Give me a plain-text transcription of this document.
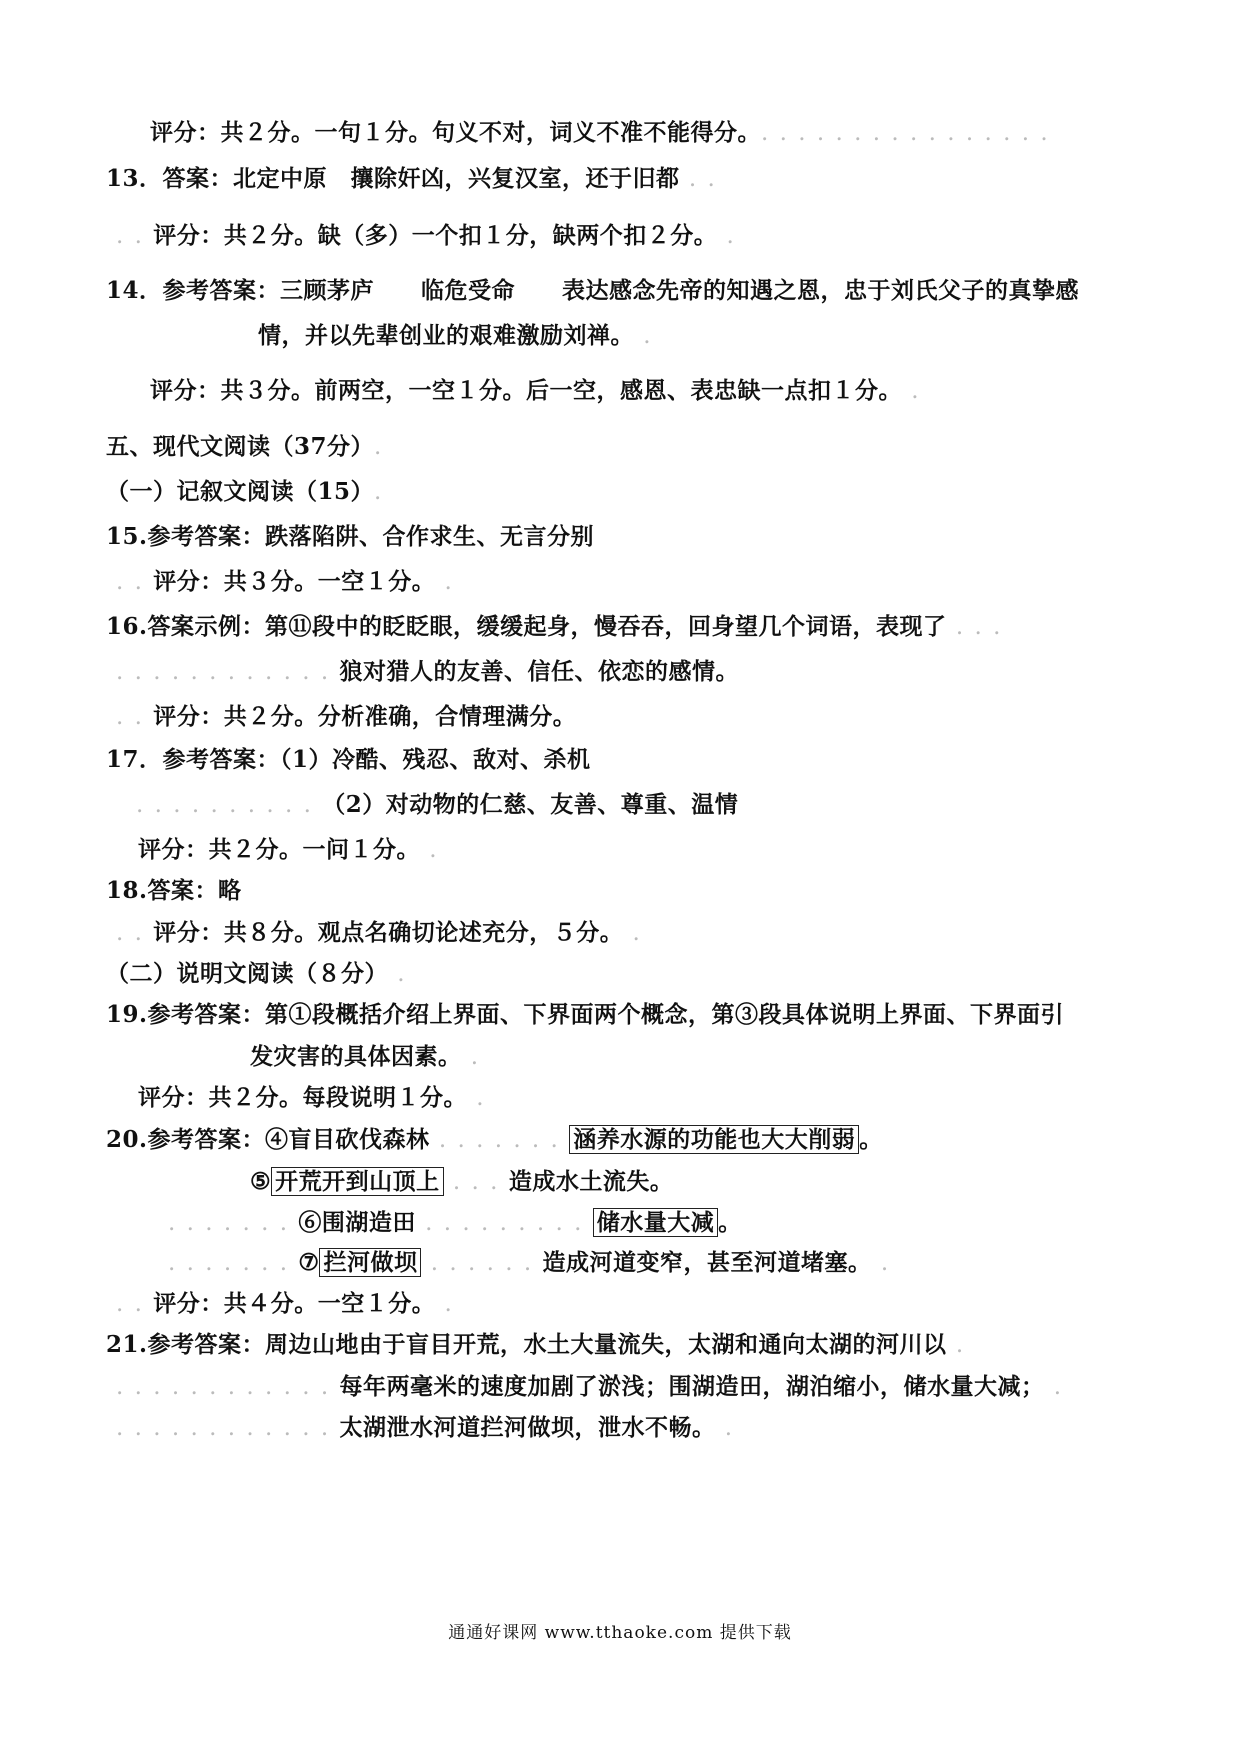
评分：共２分。一句１分。句义不对，词义不准不能得分。. . . . . . . . . . . . . . . .
13．答案：北定中原　攘除奸凶，兴复汉室，还于旧都 . .
. . 评分：共２分。缺（多）一个扣１分，缺两个扣２分。 .
14．参考答案：三顾茅庐　　临危受命　　表达感念先帝的知遇之恩，忠于刘氏父子的真挚感
情，并以先辈创业的艰难激励刘禅。 .
评分：共３分。前两空，一空１分。后一空，感恩、表忠缺一点扣１分。 .
五、现代文阅读（37分）.
（一）记叙文阅读（15）.
15.参考答案：跌落陷阱、合作求生、无言分别
. . 评分：共３分。一空１分。 .
16.答案示例：第⑪段中的眨眨眼，缓缓起身，慢吞吞，回身望几个词语，表现了 . . .
. . . . . . . . . . . . 狼对猎人的友善、信任、依恋的感情。
. . 评分：共２分。分析准确，合情理满分。
17．参考答案：（1）冷酷、残忍、敌对、杀机
. . . . . . . . . . （2）对动物的仁慈、友善、尊重、温情
评分：共２分。一问１分。 .
18.答案：略
. . 评分：共８分。观点名确切论述充分，５分。 .
（二）说明文阅读（８分） .
19.参考答案：第①段概括介绍上界面、下界面两个概念，第③段具体说明上界面、下界面引
发灾害的具体因素。 .
评分：共２分。每段说明１分。 .
20.参考答案：④盲目砍伐森林 . . . . . . . 涵养水源的功能也大大削弱 。
⑤ 开荒开到山顶上 . . . 造成水土流失。
. . . . . . . ⑥围湖造田 . . . . . . . . . 储水量大减 。
. . . . . . . ⑦ 拦河做坝 . . . . . . 造成河道变窄，甚至河道堵塞。 .
. . 评分：共４分。一空１分。 .
21.参考答案：周边山地由于盲目开荒，水土大量流失，太湖和通向太湖的河川以 .
. . . . . . . . . . . . 每年两毫米的速度加剧了淤浅；围湖造田，湖泊缩小，储水量大减； .
. . . . . . . . . . . . 太湖泄水河道拦河做坝，泄水不畅。 .
通通好课网 www.tthaoke.com 提供下载
